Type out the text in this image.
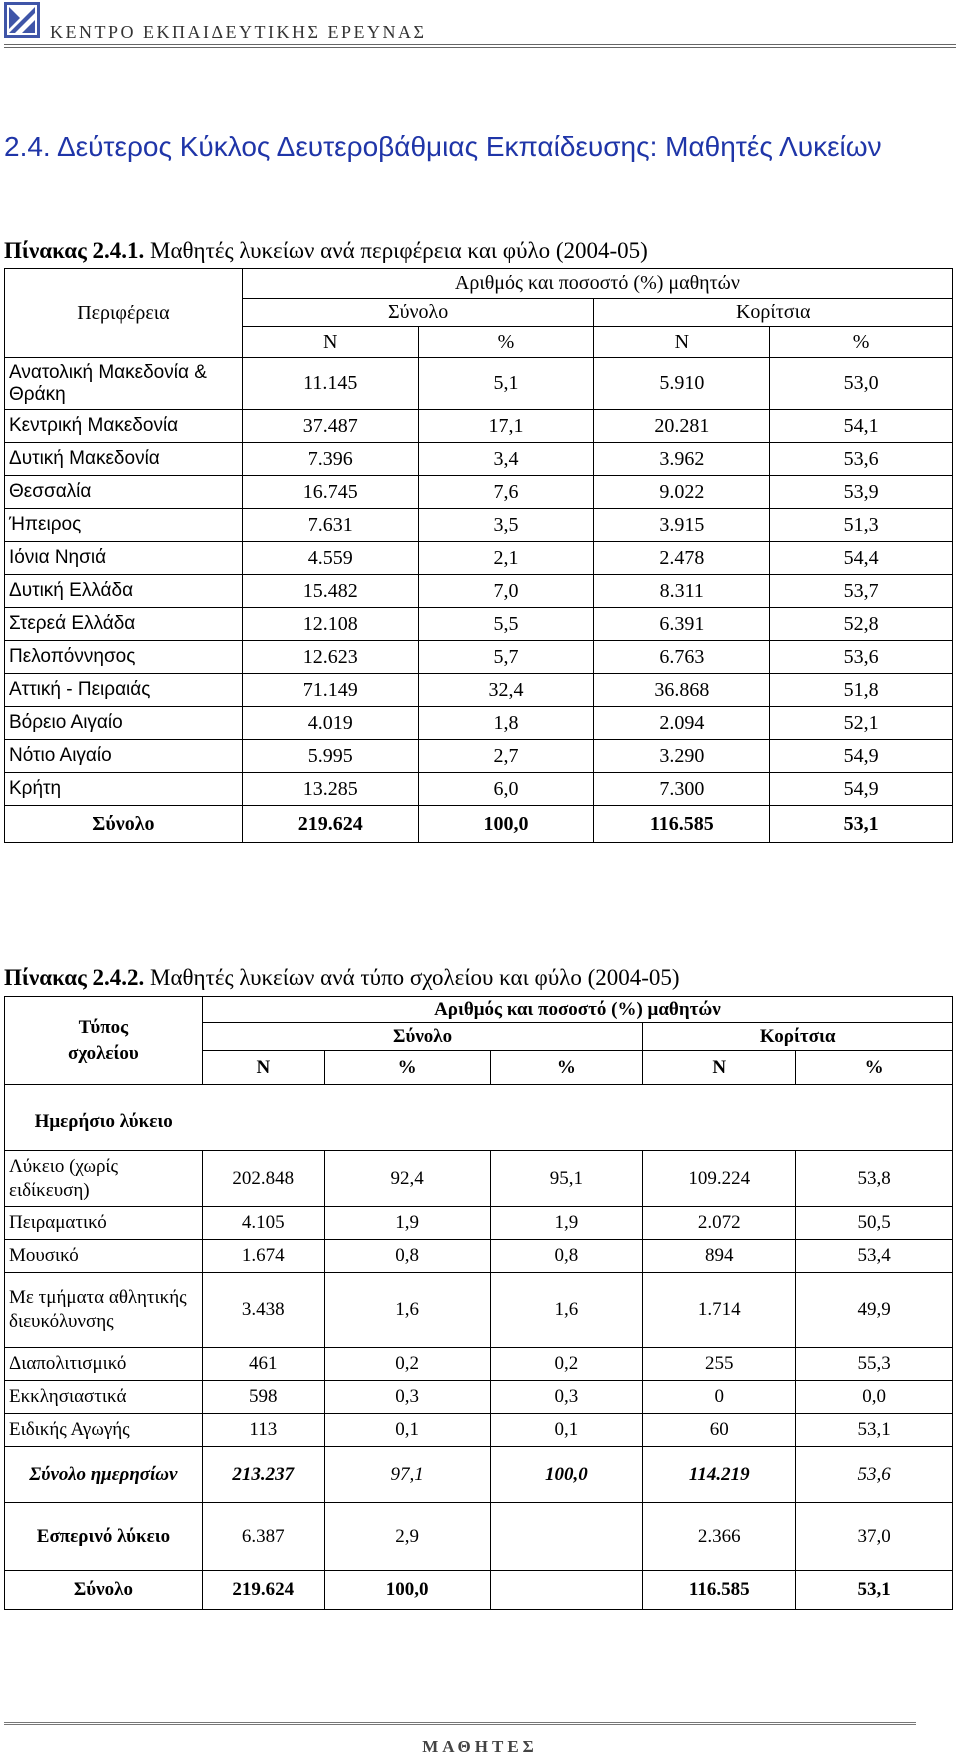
ΚΕΝΤΡΟ ΕΚΠΑΙΔΕΥΤΙΚΗΣ ΕΡΕΥΝΑΣ
2.4. Δεύτερος Κύκλος Δευτεροβάθμιας Εκπαίδευσης: Μαθητές Λυκείων
Πίνακας 2.4.1. Μαθητές λυκείων ανά περιφέρεια και φύλο (2004-05)
Περιφέρεια	Αριθμός και ποσοστό (%) μαθητών			
	Σύνολο		Κορίτσια	
	Ν	%	Ν	%
Ανατολική Μακεδονία & Θράκη	11.145	5,1	5.910	53,0
Κεντρική Μακεδονία	37.487	17,1	20.281	54,1
Δυτική Μακεδονία	7.396	3,4	3.962	53,6
Θεσσαλία	16.745	7,6	9.022	53,9
Ήπειρος	7.631	3,5	3.915	51,3
Ιόνια Νησιά	4.559	2,1	2.478	54,4
Δυτική Ελλάδα	15.482	7,0	8.311	53,7
Στερεά Ελλάδα	12.108	5,5	6.391	52,8
Πελοπόννησος	12.623	5,7	6.763	53,6
Αττική - Πειραιάς	71.149	32,4	36.868	51,8
Βόρειο Αιγαίο	4.019	1,8	2.094	52,1
Νότιο Αιγαίο	5.995	2,7	3.290	54,9
Κρήτη	13.285	6,0	7.300	54,9
Σύνολο	219.624	100,0	116.585	53,1
Πίνακας 2.4.2. Μαθητές λυκείων ανά τύπο σχολείου και φύλο (2004-05)
Τύπος σχολείου	Αριθμός και ποσοστό (%) μαθητών				
	Σύνολο			Κορίτσια	
	Ν	%	%	Ν	%
Ημερήσιο λύκειο					
Λύκειο (χωρίς ειδίκευση)	202.848	92,4	95,1	109.224	53,8
Πειραματικό	4.105	1,9	1,9	2.072	50,5
Μουσικό	1.674	0,8	0,8	894	53,4
Με τμήματα αθλητικής διευκόλυνσης	3.438	1,6	1,6	1.714	49,9
Διαπολιτισμικό	461	0,2	0,2	255	55,3
Εκκλησιαστικά	598	0,3	0,3	0	0,0
Ειδικής Αγωγής	113	0,1	0,1	60	53,1
Σύνολο ημερησίων	213.237	97,1	100,0	114.219	53,6
Εσπερινό λύκειο	6.387	2,9		2.366	37,0
Σύνολο	219.624	100,0		116.585	53,1
ΜΑΘΗΤΕΣ
